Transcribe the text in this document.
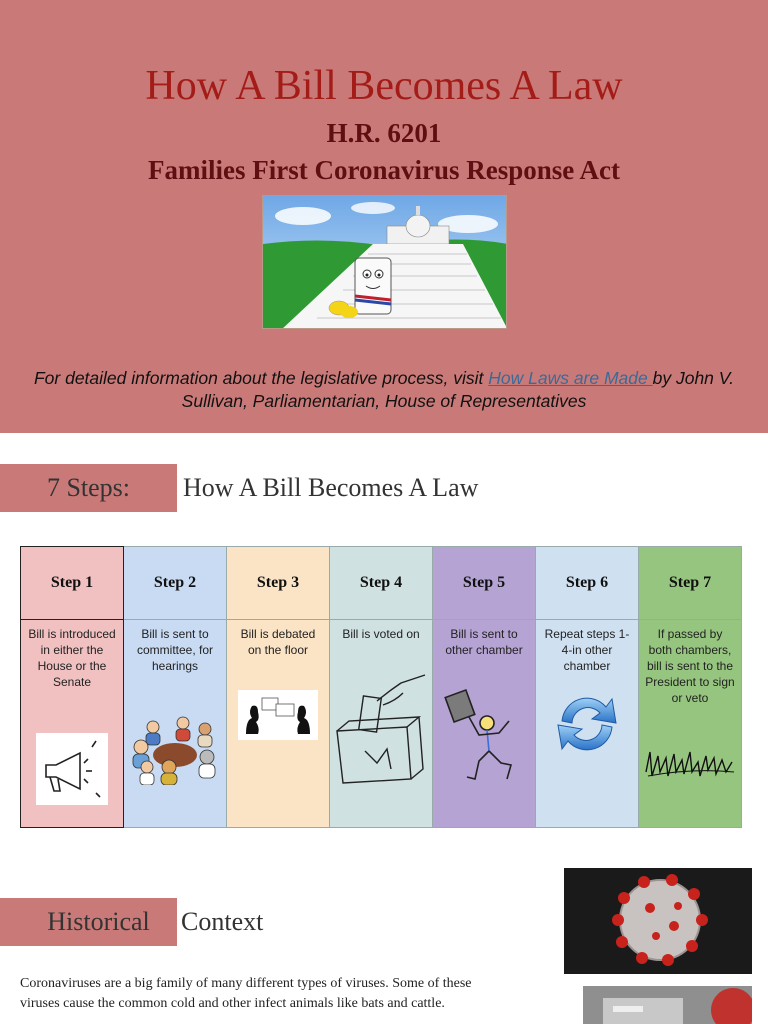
How A Bill Becomes A Law
H.R. 6201
Families First Coronavirus Response Act
For detailed information about the legislative process, visit How Laws are Made by John V. Sullivan, Parliamentarian, House of Representatives
7 Steps:	How A Bill Becomes A Law
Step 1
Bill is introduced in either the House or the Senate
Step 2
Bill is sent to committee, for hearings
Step 3
Bill is debated on the floor
Step 4
Bill is voted on
Step 5
Bill is sent to other chamber
Step 6
Repeat steps 1-4-in other chamber
Step 7
If passed by both chambers, bill is sent to the President to sign or veto
Historical	Context
Coronaviruses are a big family of many different types of viruses. Some of these viruses cause the common cold and other infect animals like bats and cattle.
